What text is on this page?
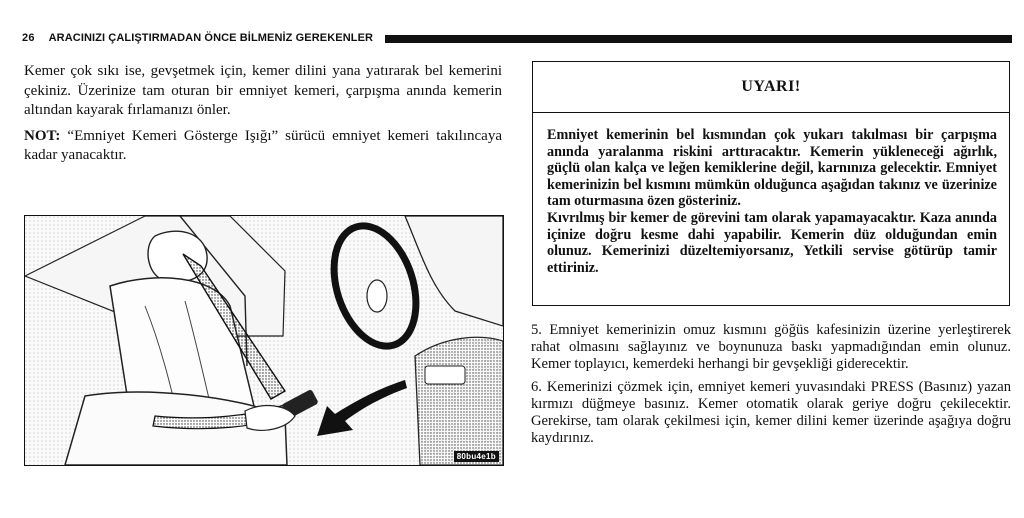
26 ARACINIZI ÇALIŞTIRMADAN ÖNCE BİLMENİZ GEREKENLER

Kemer çok sıkı ise, gevşetmek için, kemer dilini yana yatırarak bel kemerini çekiniz. Üzerinize tam oturan bir emniyet kemeri, çarpışma anında kemerin altından kayarak fırlamanızı önler.

NOT: “Emniyet Kemeri Gösterge Işığı” sürücü emniyet kemeri takılıncaya kadar yanacaktır.

80bu4e1b
UYARI!

Emniyet kemerinin bel kısmından çok yukarı takılması bir çarpışma anında yaralanma riskini arttıracaktır. Kemerin yükleneceği ağırlık, güçlü olan kalça ve leğen kemiklerine değil, karnınıza gelecektir. Emniyet kemerinizin bel kısmını mümkün olduğunca aşağıdan takınız ve üzerinize tam oturmasına özen gösteriniz.

Kıvrılmış bir kemer de görevini tam olarak yapamayacaktır. Kaza anında içinize doğru kesme dahi yapabilir. Kemerin düz olduğundan emin olunuz. Kemerinizi düzeltemiyorsanız, Yetkili servise götürüp tamir ettiriniz.

5. Emniyet kemerinizin omuz kısmını göğüs kafesinizin üzerine yerleştirerek rahat olmasını sağlayınız ve boynunuza baskı yapmadığından emin olunuz. Kemer toplayıcı, kemerdeki herhangi bir gevşekliği giderecektir.

6. Kemerinizi çözmek için, emniyet kemeri yuvasındaki PRESS (Basınız) yazan kırmızı düğmeye basınız. Kemer otomatik olarak geriye doğru çekilecektir. Gerekirse, tam olarak çekilmesi için, kemer dilini kemer üzerinde aşağıya doğru kaydırınız.
